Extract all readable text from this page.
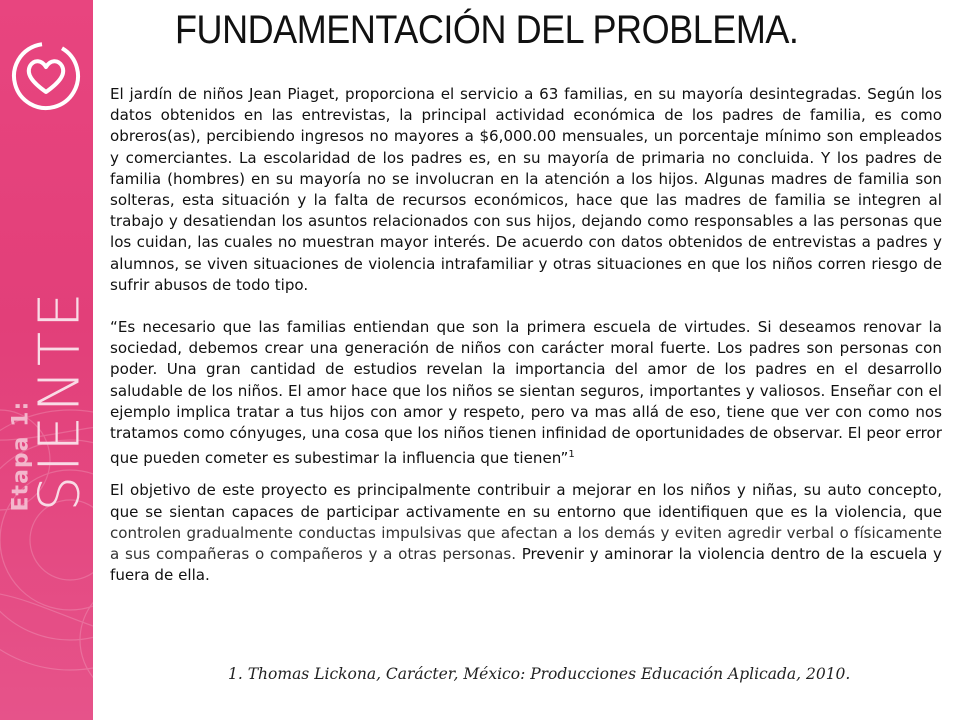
Etapa 1:
SIENTE
FUNDAMENTACIÓN DEL PROBLEMA.

El jardín de niños Jean Piaget, proporciona el servicio a 63 familias, en su mayoría desintegradas. Según los datos obtenidos en las entrevistas, la principal actividad económica de los padres de familia, es como obreros(as), percibiendo ingresos no mayores a $6,000.00 mensuales, un porcentaje mínimo son empleados y comerciantes. La escolaridad de los padres es, en su mayoría de primaria no concluida. Y los padres de familia (hombres) en su mayoría no se involucran en la atención a los hijos. Algunas madres de familia son solteras, esta situación y la falta de recursos económicos, hace que las madres de familia se integren al trabajo y desatiendan los asuntos relacionados con sus hijos, dejando como responsables a las personas que los cuidan, las cuales no muestran mayor interés. De acuerdo con datos obtenidos de entrevistas a padres y alumnos, se viven situaciones de violencia intrafamiliar y otras situaciones en que los niños corren riesgo de sufrir abusos de todo tipo.

“Es necesario que las familias entiendan que son la primera escuela de virtudes. Si deseamos renovar la sociedad, debemos crear una generación de niños con carácter moral fuerte. Los padres son personas con poder. Una gran cantidad de estudios revelan la importancia del amor de los padres en el desarrollo saludable de los niños. El amor hace que los niños se sientan seguros, importantes y valiosos. Enseñar con el ejemplo implica tratar a tus hijos con amor y respeto, pero va mas allá de eso, tiene que ver con como nos tratamos como cónyuges, una cosa que los niños tienen infinidad de oportunidades de observar. El peor error que pueden cometer es subestimar la influencia que tienen”$^1$

El objetivo de este proyecto es principalmente contribuir a mejorar en los niños y niñas, su auto concepto, que se sientan capaces de participar activamente en su entorno que identifiquen que es la violencia, que controlen gradualmente conductas impulsivas que afectan a los demás y eviten agredir verbal o físicamente a sus compañeras o compañeros y a otras personas. Prevenir y aminorar la violencia dentro de la escuela y fuera de ella.

1. Thomas Lickona, Carácter, México: Producciones Educación Aplicada, 2010.
